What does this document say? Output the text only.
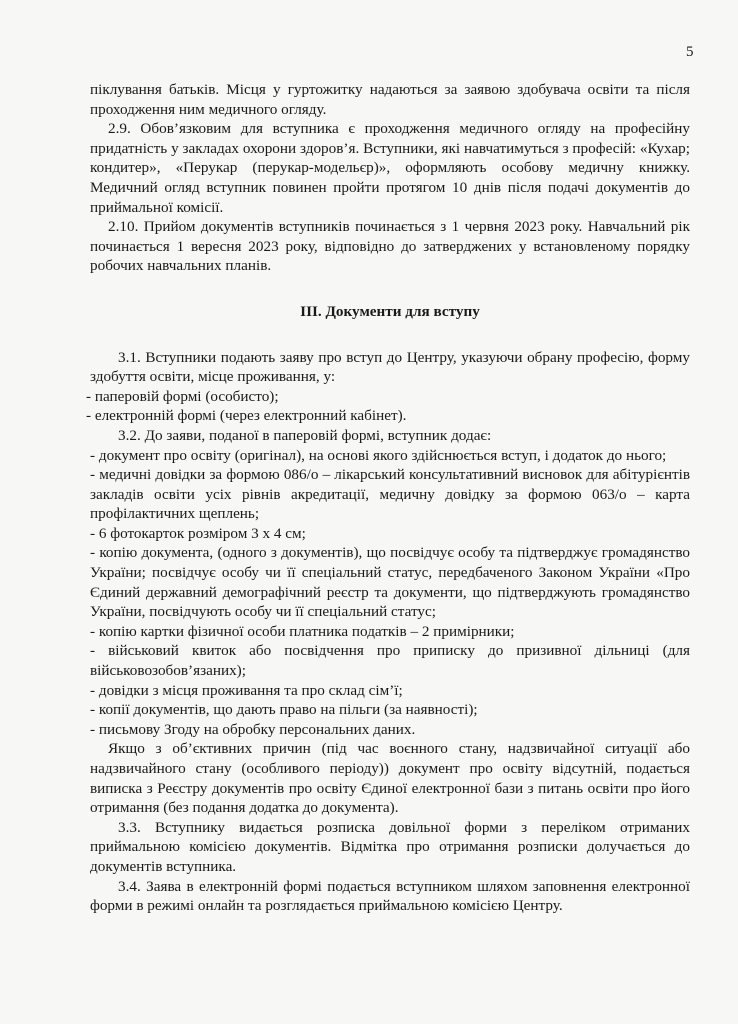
5

піклування батьків. Місця у гуртожитку надаються за заявою здобувача освіти та після проходження ним медичного огляду.

2.9. Обов’язковим для вступника є проходження медичного огляду на професійну придатність у закладах охорони здоров’я. Вступники, які навчатимуться з професій: «Кухар; кондитер», «Перукар (перукар-модельєр)», оформляють особову медичну книжку. Медичний огляд вступник повинен пройти протягом 10 днів після подачі документів до приймальної комісії.

2.10. Прийом документів вступників починається з 1 червня 2023 року. Навчальний рік починається 1 вересня 2023 року, відповідно до затверджених у встановленому порядку робочих навчальних планів.

ІІІ. Документи для вступу

3.1. Вступники подають заяву про вступ до Центру, указуючи обрану професію, форму здобуття освіти, місце проживання, у:

- паперовій формі (особисто);

- електронній формі (через електронний кабінет).

3.2. До заяви, поданої в паперовій формі, вступник додає:

- документ про освіту (оригінал), на основі якого здійснюється вступ, і додаток до нього;

- медичні довідки за формою 086/о – лікарський консультативний висновок для абітурієнтів закладів освіти усіх рівнів акредитації, медичну довідку за формою 063/о – карта профілактичних щеплень;

- 6 фотокарток розміром 3 х 4 см;

- копію документа, (одного з документів), що посвідчує особу та підтверджує громадянство України; посвідчує особу чи її спеціальний статус, передбаченого Законом України «Про Єдиний державний демографічний реєстр та документи, що підтверджують громадянство України, посвідчують особу чи її спеціальний статус;

- копію картки фізичної особи платника податків – 2 примірники;

- військовий квиток або посвідчення про приписку до призивної дільниці (для військовозобов’язаних);

- довідки з місця проживання та про склад сім’ї;

- копії документів, що дають право на пільги (за наявності);

- письмову Згоду на обробку персональних даних.

Якщо з об’єктивних причин (під час воєнного стану, надзвичайної ситуації або надзвичайного стану (особливого періоду)) документ про освіту відсутній, подається виписка з Реєстру документів про освіту Єдиної електронної бази з питань освіти про його отримання (без подання додатка до документа).

3.3. Вступнику видається розписка довільної форми з переліком отриманих приймальною комісією документів. Відмітка про отримання розписки долучається до документів вступника.

3.4. Заява в електронній формі подається вступником шляхом заповнення електронної форми в режимі онлайн та розглядається приймальною комісією Центру.
